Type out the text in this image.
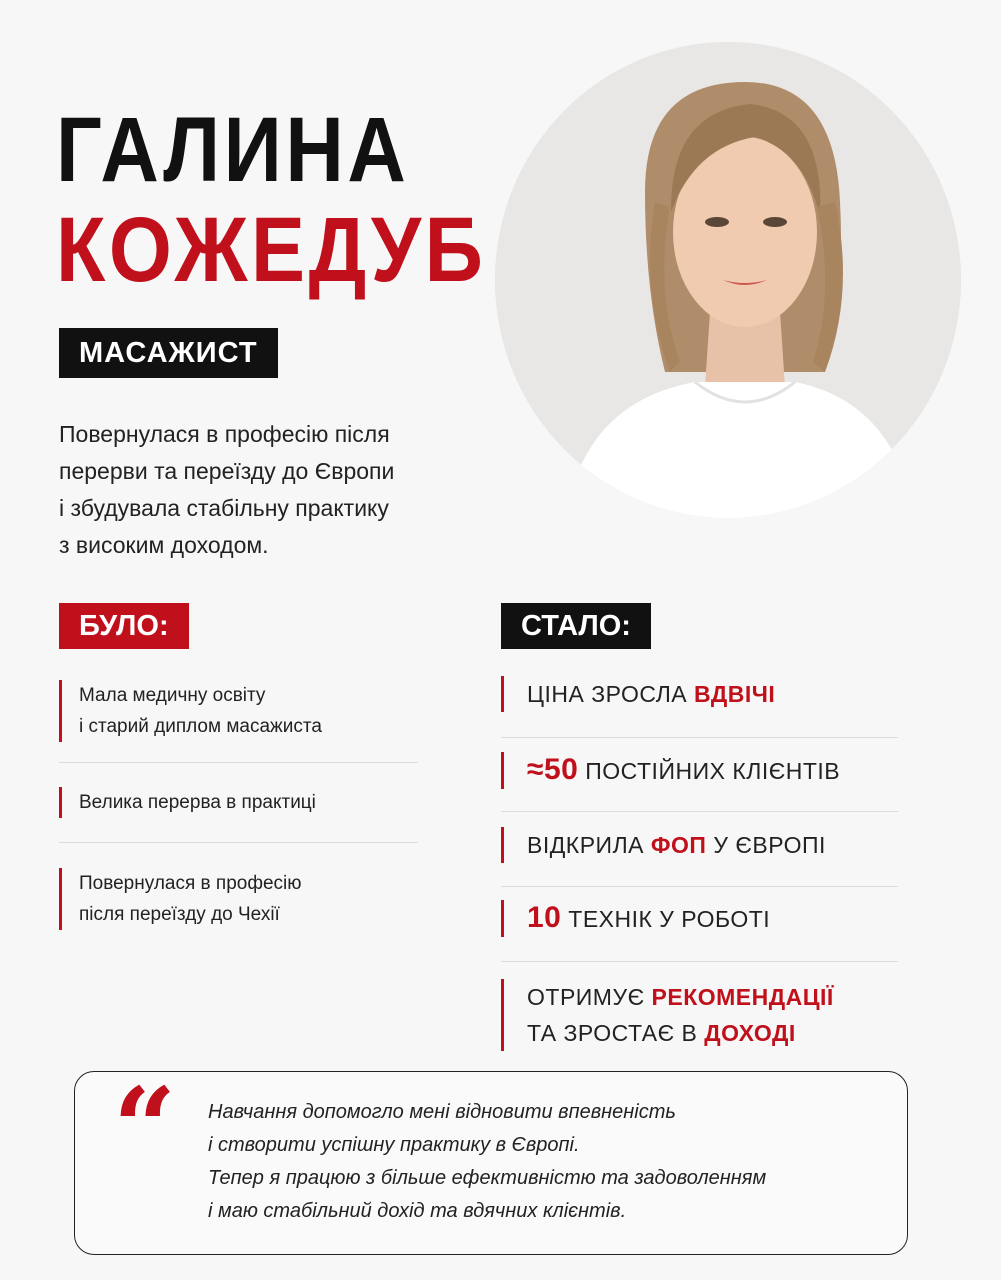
ГАЛИНА
КОЖЕДУБ
МАСАЖИСТ
Повернулася в професію після
перерви та переїзду до Європи
і збудувала стабільну практику
з високим доходом.
БУЛО:	СТАЛО:
Мала медичну освіту
і старий диплом масажиста
Велика перерва в практиці
Повернулася в професію
після переїзду до Чехії
ЦІНА ЗРОСЛА ВДВІЧІ
≈50 ПОСТІЙНИХ КЛІЄНТІВ
ВІДКРИЛА ФОП У ЄВРОПІ
10 ТЕХНІК У РОБОТІ
ОТРИМУЄ РЕКОМЕНДАЦІЇ
ТА ЗРОСТАЄ В ДОХОДІ
“ Навчання допомогло мені відновити впевненість
і створити успішну практику в Європі.
Тепер я працюю з більше ефективністю та задоволенням
і маю стабільний дохід та вдячних клієнтів.
